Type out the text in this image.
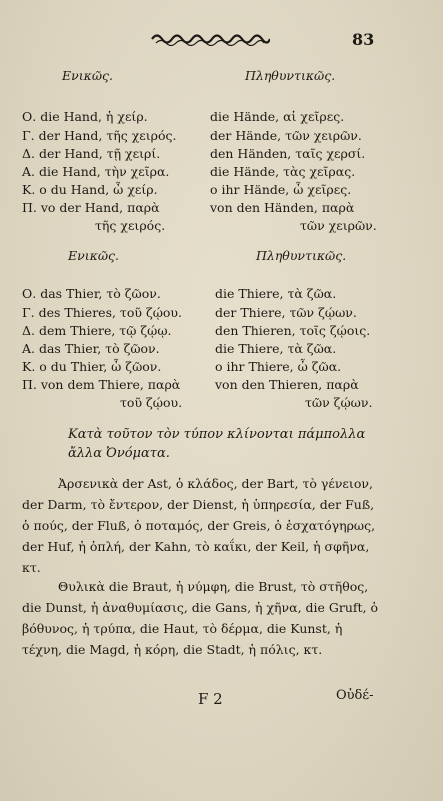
83
Ενικῶς.	Πληθυντικῶς.
Ο. die Hand, ἡ χείρ.	die Hände, αἱ χεῖρες.
Γ. der Hand, τῆς χειρός.	der Hände, τῶν χειρῶν.
Δ. der Hand, τῇ χειρί.	den Händen, ταῖς χερσί.
Α. die Hand, τὴν χεῖρα.	die Hände, τὰς χεῖρας.
Κ. o du Hand, ὦ χείρ.	o ihr Hände, ὦ χεῖρες.
Π. vo der Hand, παρὰ	von den Händen, παρὰ
τῆς χειρός.	τῶν χειρῶν.
Ενικῶς.	Πληθυντικῶς.
Ο. das Thier, τὸ ζῶον.	die Thiere, τὰ ζῶα.
Γ. des Thieres, τοῦ ζῴου.	der Thiere, τῶν ζῴων.
Δ. dem Thiere, τῷ ζῴῳ.	den Thieren, τοῖς ζῴοις.
Α. das Thier, τὸ ζῶον.	die Thiere, τὰ ζῶα.
Κ. o du Thier, ὦ ζῶον.	o ihr Thiere, ὦ ζῶα.
Π. von dem Thiere, παρὰ	von den Thieren, παρὰ
τοῦ ζῴου.	τῶν ζῴων.
Κατὰ τοῦτον τὸν τύπον κλίνονται πάμπολλα
ἄλλα Ὀνόματα.
Ἀρσενικὰ der Ast, ὁ κλάδος, der Bart, τὸ γένειον, der Darm, τὸ ἔντερον, der Dienst, ἡ ὑπηρεσία, der Fuß, ὁ πούς, der Fluß, ὁ ποταμός, der Greis, ὁ ἐσχατόγηρως, der Huf, ἡ ὁπλή, der Kahn, τὸ καΐκι, der Keil, ἡ σφῆνα, κτ.
Θυλικὰ die Braut, ἡ νύμφη, die Brust, τὸ στῆθος, die Dunst, ἡ ἀναθυμίασις, die Gans, ἡ χῆνα, die Gruft, ὁ βόθυνος, ἡ τρύπα, die Haut, τὸ δέρμα, die Kunst, ἡ τέχνη, die Magd, ἡ κόρη, die Stadt, ἡ πόλις, κτ.
F 2	Οὐδέ-
